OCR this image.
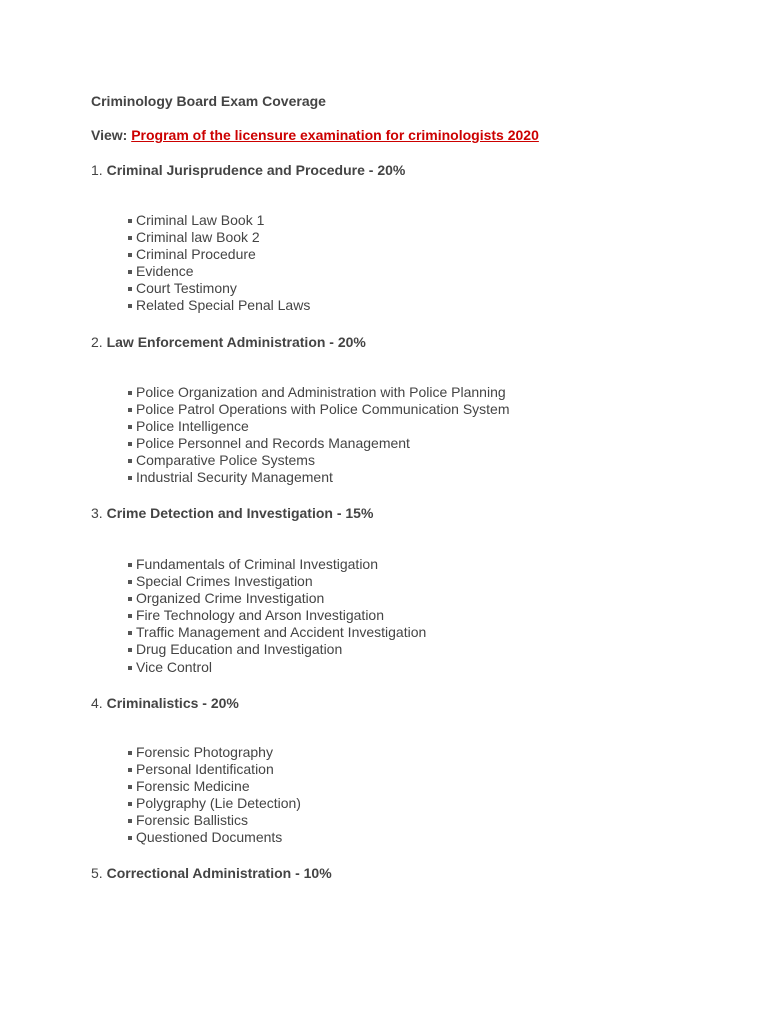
Criminology Board Exam Coverage
View: Program of the licensure examination for criminologists 2020
1. Criminal Jurisprudence and Procedure - 20%
Criminal Law Book 1
Criminal law Book 2
Criminal Procedure
Evidence
Court Testimony
Related Special Penal Laws
2. Law Enforcement Administration - 20%
Police Organization and Administration with Police Planning
Police Patrol Operations with Police Communication System
Police Intelligence
Police Personnel and Records Management
Comparative Police Systems
Industrial Security Management
3. Crime Detection and Investigation - 15%
Fundamentals of Criminal Investigation
Special Crimes Investigation
Organized Crime Investigation
Fire Technology and Arson Investigation
Traffic Management and Accident Investigation
Drug Education and Investigation
Vice Control
4. Criminalistics - 20%
Forensic Photography
Personal Identification
Forensic Medicine
Polygraphy (Lie Detection)
Forensic Ballistics
Questioned Documents
5. Correctional Administration - 10%
